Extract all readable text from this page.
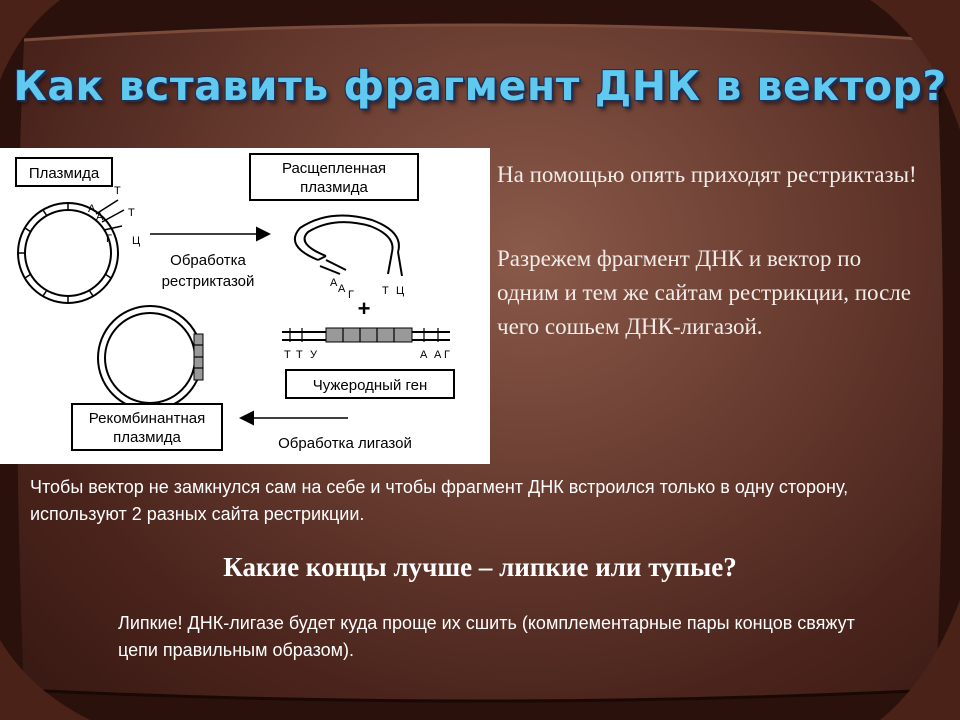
Как вставить фрагмент ДНК в вектор?
Плазмида
А
А
Т
Т
Г Ц
Обработка
рестриктазой
Расщепленная
плазмида
А А Г	Т Ц
+
Т Т У	А А Г
Чужеродный ген
Рекомбинантная
плазмида	Обработка лигазой

На помощью опять приходят рестриктазы!

Разрежем фрагмент ДНК и вектор по одним и тем же сайтам рестрикции, после чего сошьем ДНК-лигазой.

Чтобы вектор не замкнулся сам на себе и чтобы фрагмент ДНК встроился только в одну сторону, используют 2 разных сайта рестрикции.

Какие концы лучше – липкие или тупые?

Липкие! ДНК-лигазе будет куда проще их сшить (комплементарные пары концов свяжут цепи правильным образом).
